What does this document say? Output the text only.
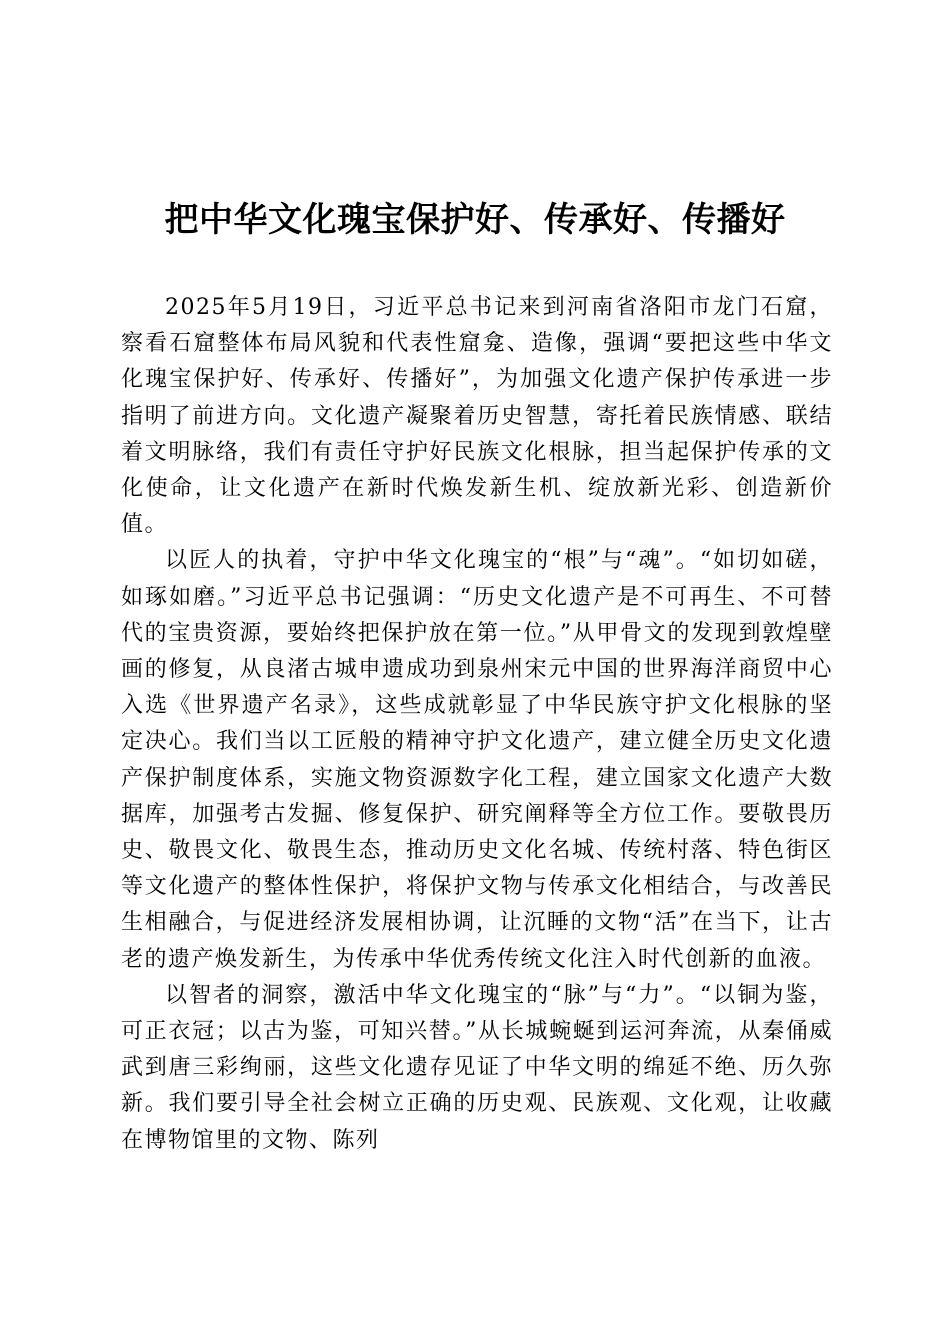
把中华文化瑰宝保护好、传承好、传播好

2025年5月19日，习近平总书记来到河南省洛阳市龙门石窟，察看石窟整体布局风貌和代表性窟龛、造像，强调“要把这些中华文化瑰宝保护好、传承好、传播好”，为加强文化遗产保护传承进一步指明了前进方向。文化遗产凝聚着历史智慧，寄托着民族情感、联结着文明脉络，我们有责任守护好民族文化根脉，担当起保护传承的文化使命，让文化遗产在新时代焕发新生机、绽放新光彩、创造新价值。

以匠人的执着，守护中华文化瑰宝的“根”与“魂”。“如切如磋，如琢如磨。”习近平总书记强调：“历史文化遗产是不可再生、不可替代的宝贵资源，要始终把保护放在第一位。”从甲骨文的发现到敦煌壁画的修复，从良渚古城申遗成功到泉州宋元中国的世界海洋商贸中心入选《世界遗产名录》，这些成就彰显了中华民族守护文化根脉的坚定决心。我们当以工匠般的精神守护文化遗产，建立健全历史文化遗产保护制度体系，实施文物资源数字化工程，建立国家文化遗产大数据库，加强考古发掘、修复保护、研究阐释等全方位工作。要敬畏历史、敬畏文化、敬畏生态，推动历史文化名城、传统村落、特色街区等文化遗产的整体性保护，将保护文物与传承文化相结合，与改善民生相融合，与促进经济发展相协调，让沉睡的文物“活”在当下，让古老的遗产焕发新生，为传承中华优秀传统文化注入时代创新的血液。

以智者的洞察，激活中华文化瑰宝的“脉”与“力”。“以铜为鉴，可正衣冠；以古为鉴，可知兴替。”从长城蜿蜒到运河奔流，从秦俑威武到唐三彩绚丽，这些文化遗存见证了中华文明的绵延不绝、历久弥新。我们要引导全社会树立正确的历史观、民族观、文化观，让收藏在博物馆里的文物、陈列
